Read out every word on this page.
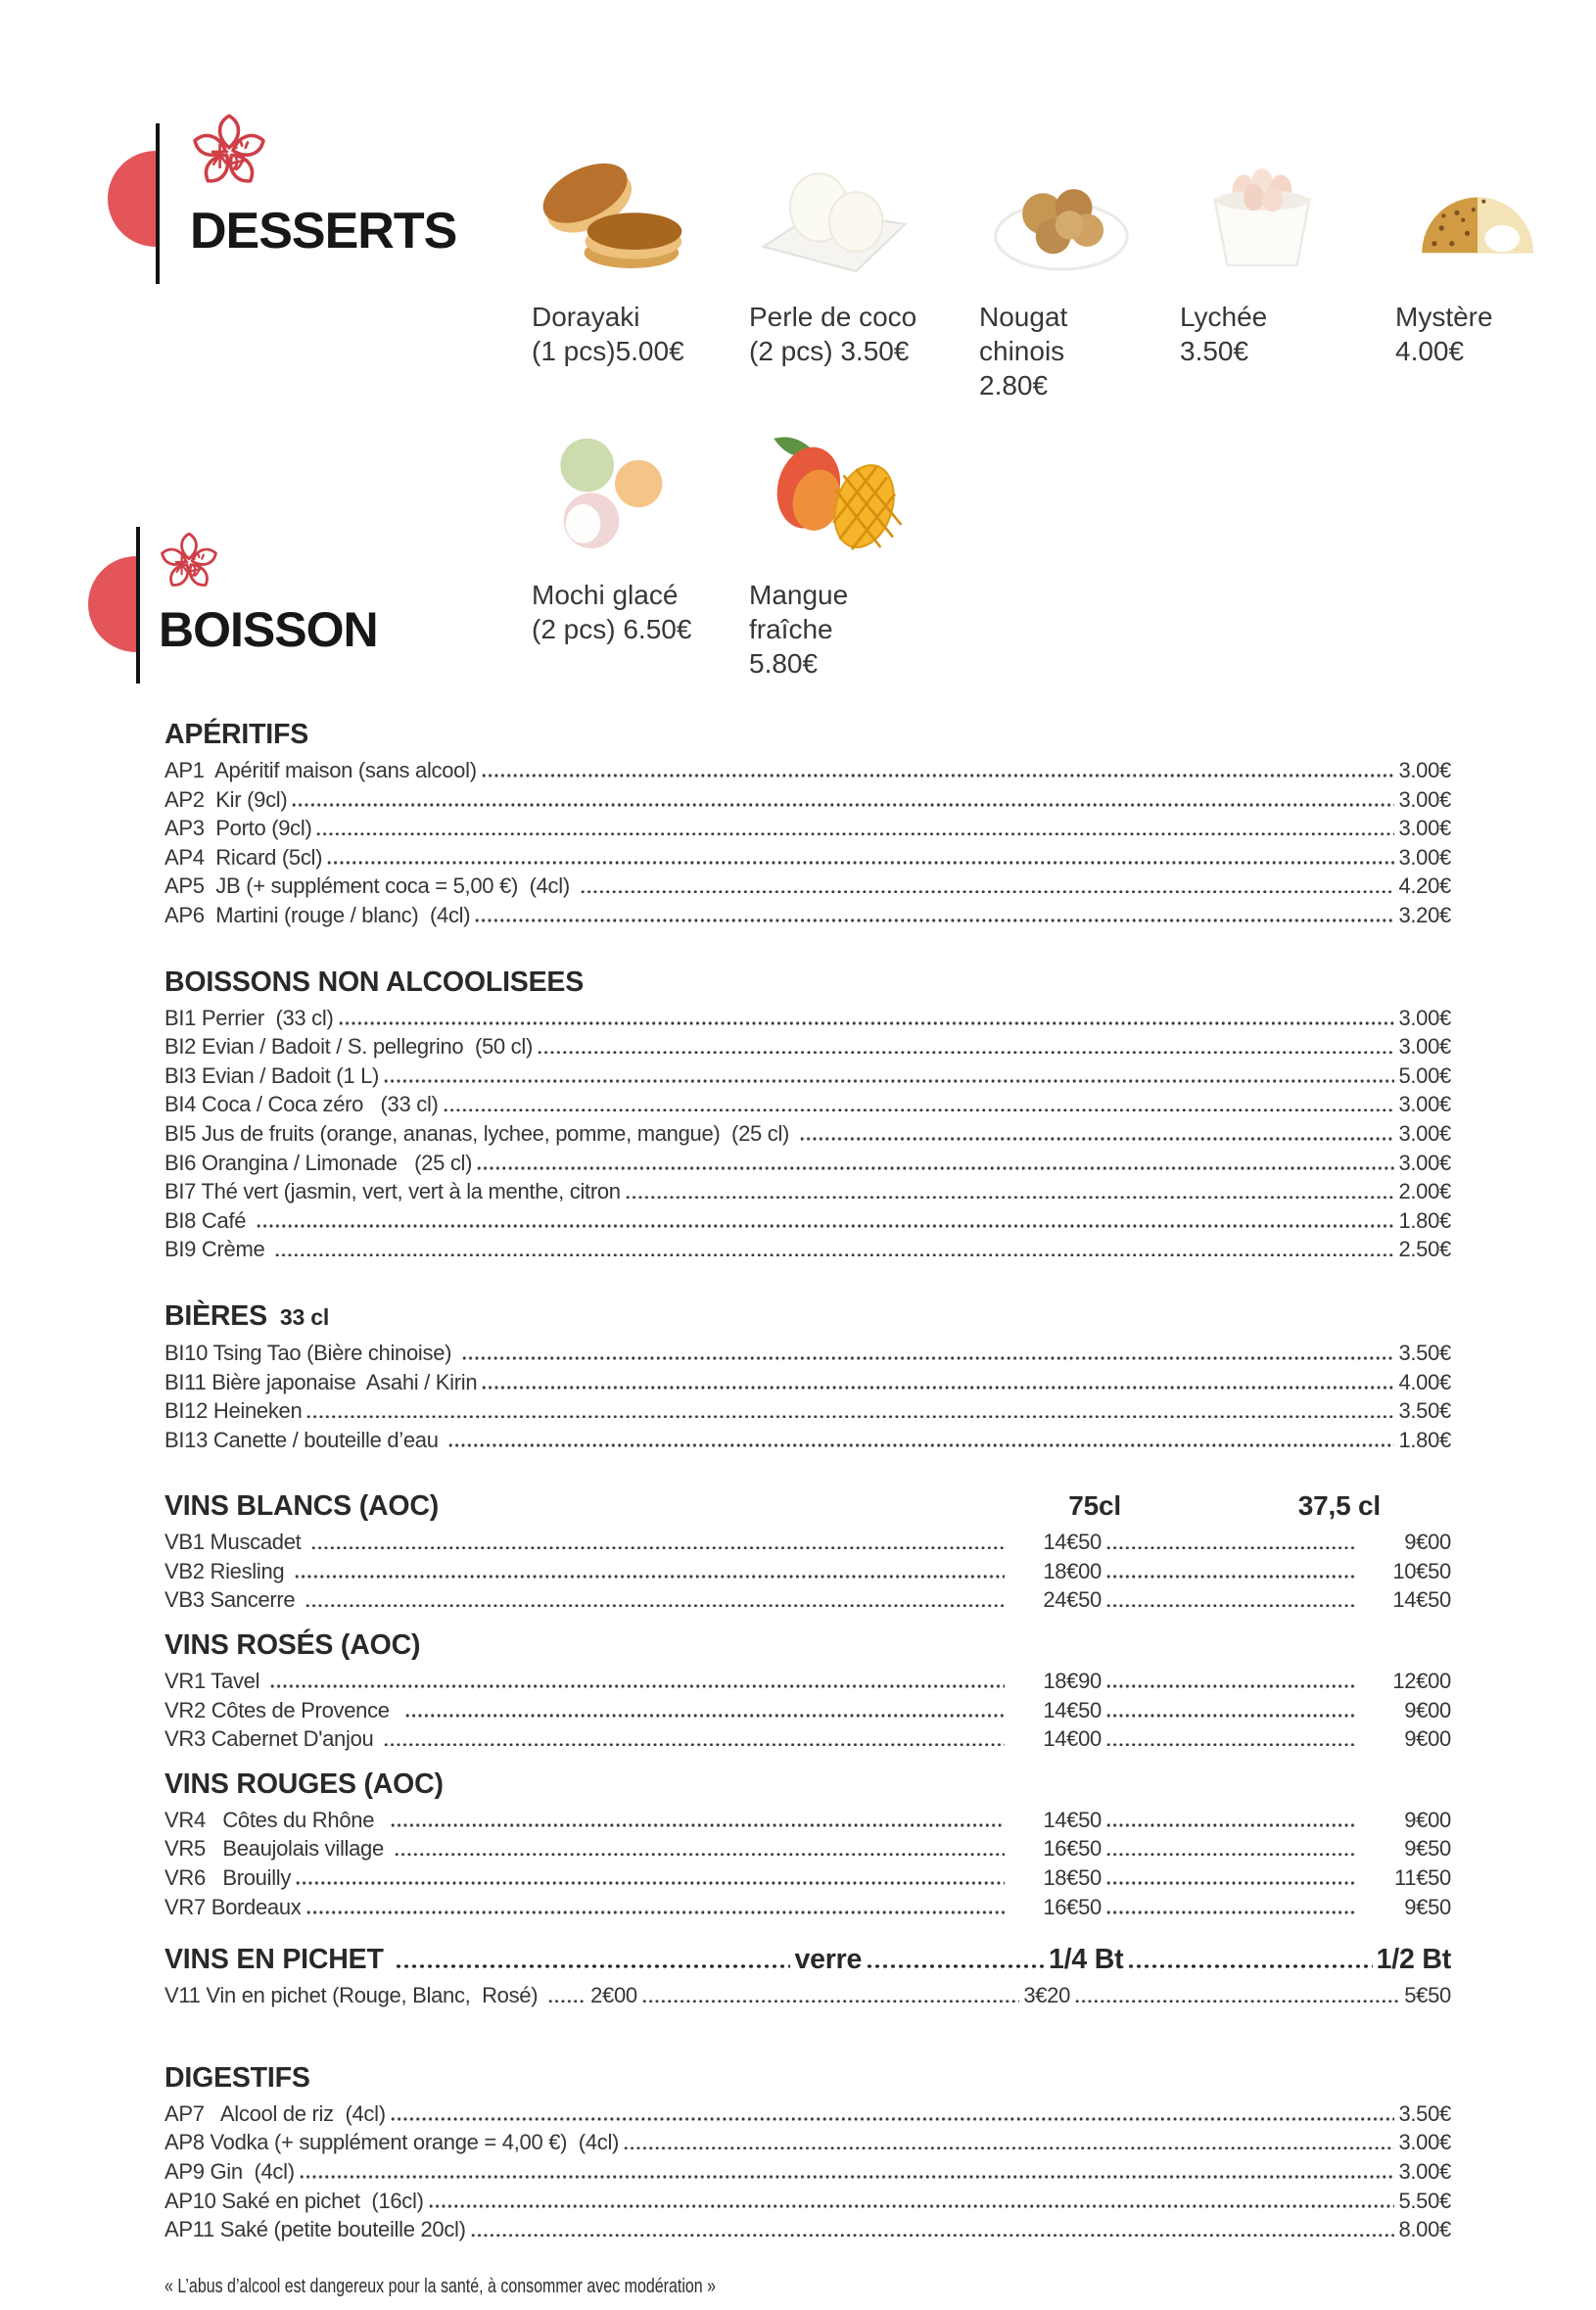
DESSERTS
BOISSON
Dorayaki
(1 pcs)5.00€
Perle de coco
(2 pcs) 3.50€
Nougat chinois
2.80€
Lychée
3.50€
Mystère
4.00€
Mochi glacé
(2 pcs) 6.50€
Mangue fraîche
5.80€
APÉRITIFS
AP1  Apéritif maison (sans alcool)	3.00€
AP2  Kir (9cl)	3.00€
AP3  Porto (9cl)	3.00€
AP4  Ricard (5cl)	3.00€
AP5  JB (+ supplément coca = 5,00 €)  (4cl)	4.20€
AP6  Martini (rouge / blanc)  (4cl)	3.20€
BOISSONS NON ALCOOLISEES
BI1 Perrier  (33 cl)	3.00€
BI2 Evian / Badoit / S. pellegrino  (50 cl)	3.00€
BI3 Evian / Badoit (1 L)	5.00€
BI4 Coca / Coca zéro   (33 cl)	3.00€
BI5 Jus de fruits (orange, ananas, lychee, pomme, mangue)  (25 cl)	3.00€
BI6 Orangina / Limonade   (25 cl)	3.00€
BI7 Thé vert (jasmin, vert, vert à la menthe, citron	2.00€
BI8 Café	1.80€
BI9 Crème	2.50€
BIÈRES 33 cl
BI10 Tsing Tao (Bière chinoise)	3.50€
BI11 Bière japonaise  Asahi / Kirin	4.00€
BI12 Heineken	3.50€
BI13 Canette / bouteille d’eau	1.80€
VINS BLANCS (AOC)	75cl	37,5 cl
VB1 Muscadet	14€50	9€00
VB2 Riesling	18€00	10€50
VB3 Sancerre	24€50	14€50
VINS ROSÉS (AOC)
VR1 Tavel	18€90	12€00
VR2 Côtes de Provence	14€50	9€00
VR3 Cabernet D'anjou	14€00	9€00
VINS ROUGES (AOC)
VR4   Côtes du Rhône	14€50	9€00
VR5   Beaujolais village	16€50	9€50
VR6   Brouilly	18€50	11€50
VR7 Bordeaux	16€50	9€50
VINS EN PICHET	verre	1/4 Bt	1/2 Bt
V11 Vin en pichet (Rouge, Blanc,  Rosé) 2€00	3€20	5€50
DIGESTIFS
AP7   Alcool de riz  (4cl)	3.50€
AP8 Vodka (+ supplément orange = 4,00 €)  (4cl)	3.00€
AP9 Gin  (4cl)	3.00€
AP10 Saké en pichet  (16cl)	5.50€
AP11 Saké (petite bouteille 20cl)	8.00€
« L’abus d’alcool est dangereux pour la santé, à consommer avec modération »
